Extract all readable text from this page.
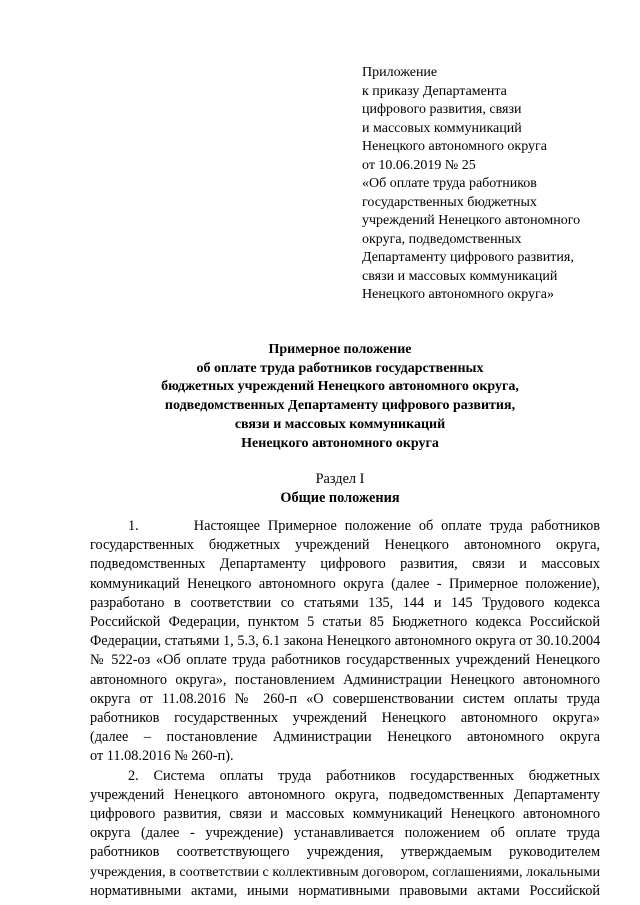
Приложение
к приказу Департамента
цифрового развития, связи
и массовых коммуникаций
Ненецкого автономного округа
от 10.06.2019 № 25
«Об оплате труда работников
государственных бюджетных
учреждений Ненецкого автономного
округа, подведомственных
Департаменту цифрового развития,
связи и массовых коммуникаций
Ненецкого автономного округа»
Примерное положение
об оплате труда работников государственных
бюджетных учреждений Ненецкого автономного округа,
подведомственных Департаменту цифрового развития,
связи и массовых коммуникаций
Ненецкого автономного округа
Раздел I
Общие положения
1.       Настоящее Примерное положение об оплате труда работников
государственных бюджетных учреждений Ненецкого автономного округа,
подведомственных Департаменту цифрового развития, связи и массовых
коммуникаций Ненецкого автономного округа (далее - Примерное положение),
разработано в соответствии со статьями 135, 144 и 145 Трудового кодекса
Российской Федерации, пунктом 5 статьи 85 Бюджетного кодекса Российской
Федерации, статьями 1, 5.3, 6.1 закона Ненецкого автономного округа от 30.10.2004
№ 522-оз «Об оплате труда работников государственных учреждений Ненецкого
автономного округа», постановлением Администрации Ненецкого автономного
округа от 11.08.2016 № 260-п «О совершенствовании систем оплаты труда
работников государственных учреждений Ненецкого автономного округа»
(далее – постановление Администрации Ненецкого автономного округа
от 11.08.2016 № 260-п).
2. Система оплаты труда работников государственных бюджетных
учреждений Ненецкого автономного округа, подведомственных Департаменту
цифрового развития, связи и массовых коммуникаций Ненецкого автономного
округа (далее - учреждение) устанавливается положением об оплате труда
работников соответствующего учреждения, утверждаемым руководителем
учреждения, в соответствии с коллективным договором, соглашениями, локальными
нормативными актами, иными нормативными правовыми актами Российской
